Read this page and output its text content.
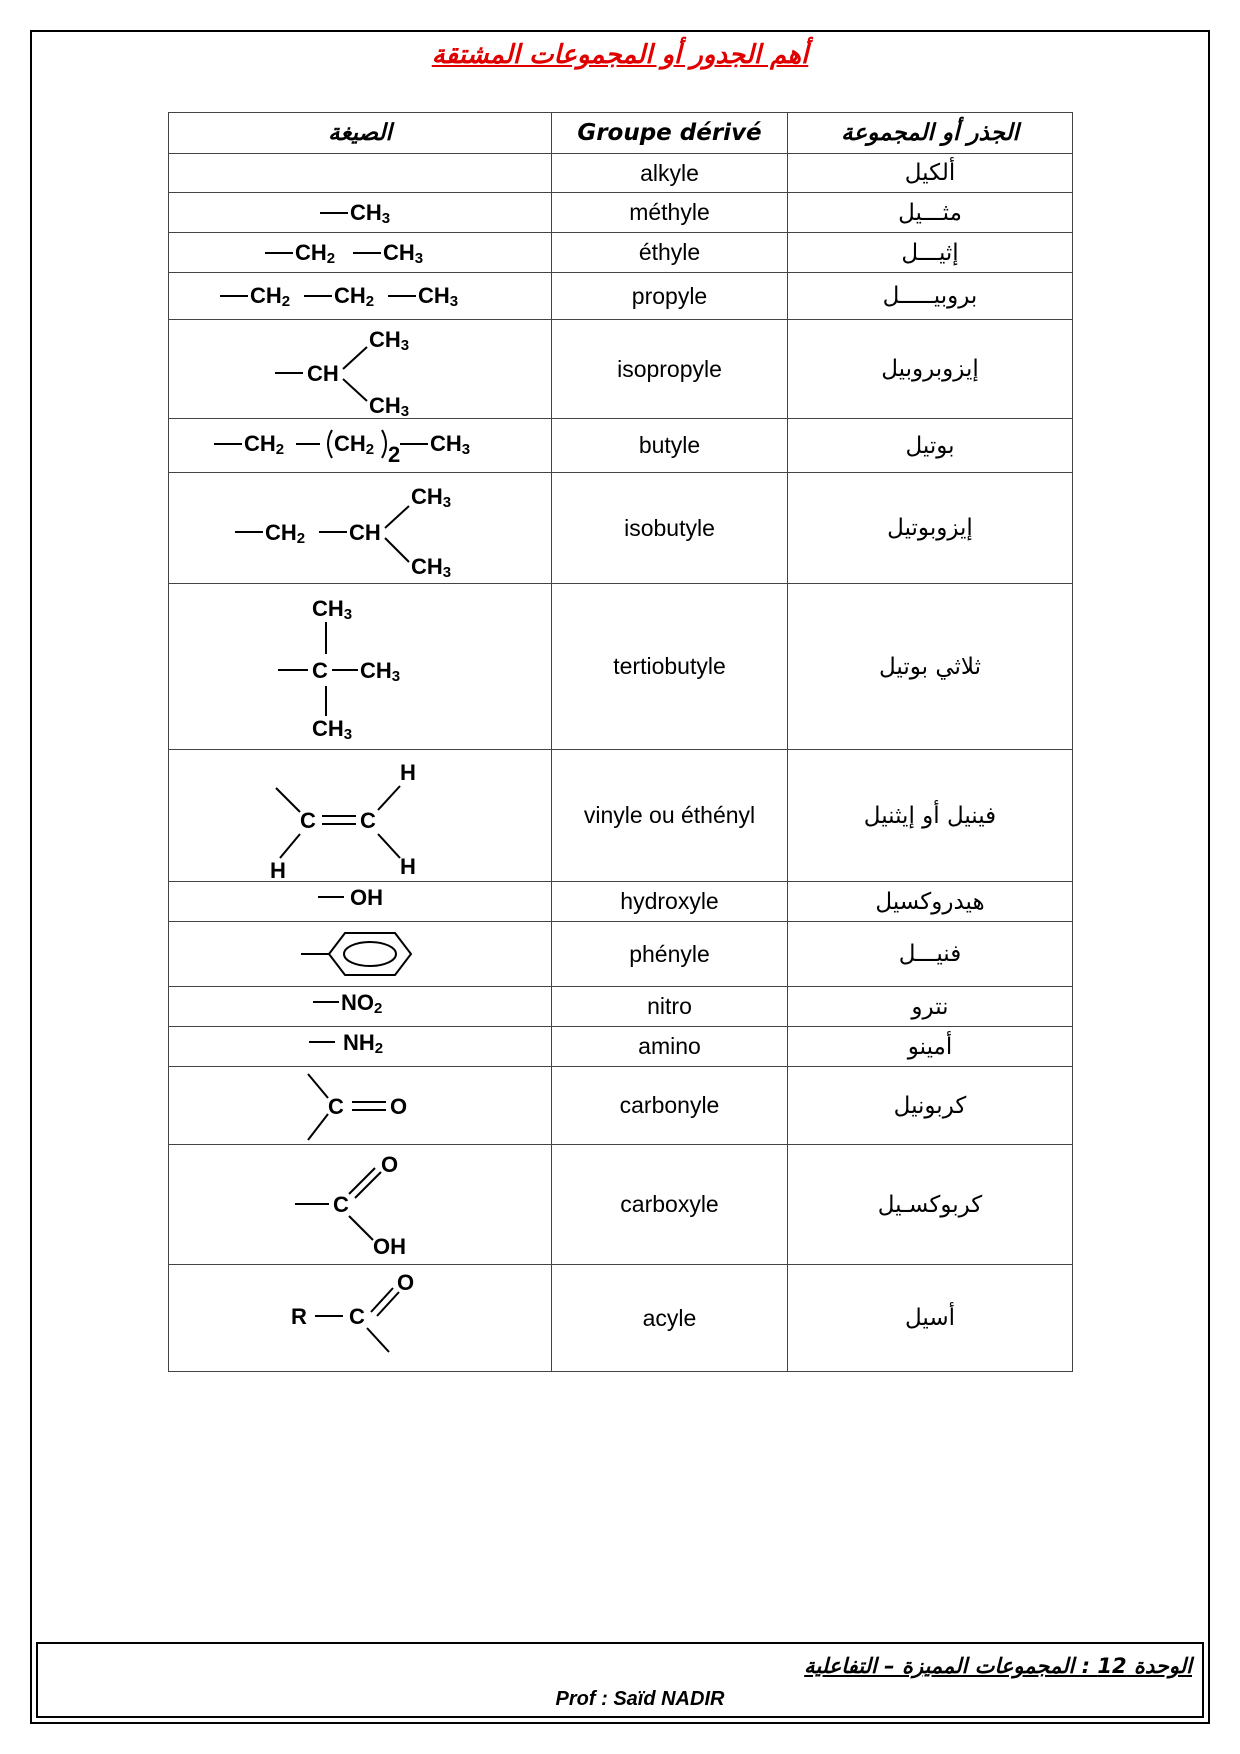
أهم الجدور أو المجموعات المشتقة
الصيغة	Groupe dérivé	الجذر أو المجموعة
	alkyle	ألكيل

CH3	méthyle	مثـــيل

CH2 CH3	éthyle	إثيـــل

CH2 CH2 CH3	propyle	بروبيـــــل

CH
CH3
CH3	isopropyle	إيزوبروبيل

CH2 CH2 2 CH3	butyle	بوتيل

CH2 CH
CH3
CH3	isobutyle	إيزوبوتيل

CH3
C CH3
CH3	tertiobutyle	ثلاثي بوتيل

C C
H
H
H	vinyle ou éthényl	فينيل أو إيثنيل

OH	hydroxyle	هيدروكسيل

	phényle	فنيـــل

NO2	nitro	نترو

NH2	amino	أمينو

C O	carbonyle	كربونيل

O
C
OH	carboxyle	كربوكسـيل

O
R C	acyle	أسيل
الوحدة 12 : المجموعات المميزة – التفاعلية
Prof : Saïd NADIR
